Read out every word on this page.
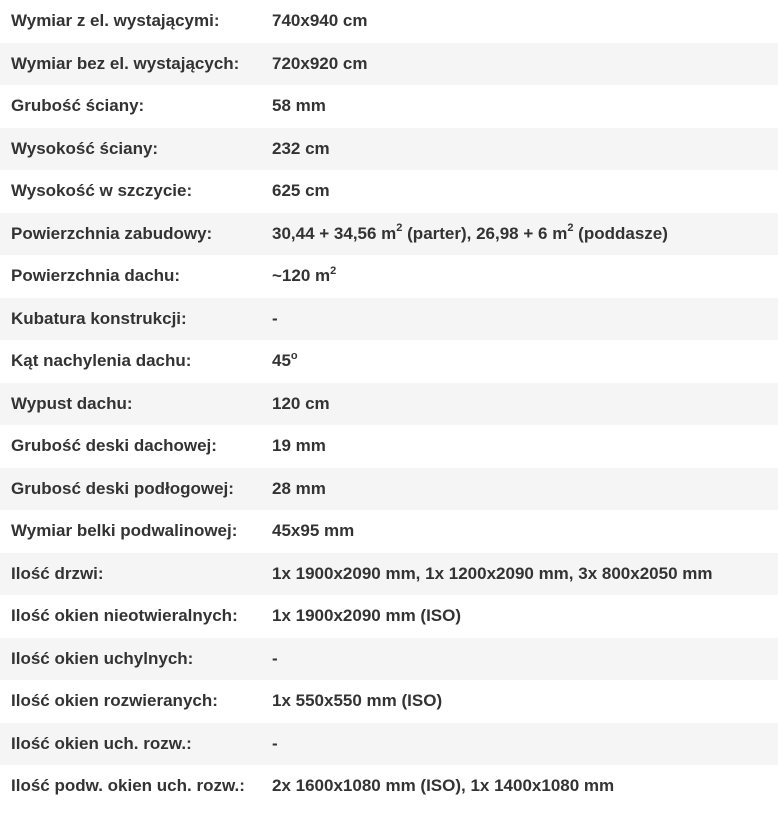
Wymiar z el. wystającymi:	740x940 cm
Wymiar bez el. wystających:	720x920 cm
Grubość ściany:	58 mm
Wysokość ściany:	232 cm
Wysokość w szczycie:	625 cm
Powierzchnia zabudowy:	30,44 + 34,56 $m^2$ (parter), 26,98 + 6 $m^2$ (poddasze)
Powierzchnia dachu:	~120 $m^2$
Kubatura konstrukcji:	-
Kąt nachylenia dachu:	45$^o$
Wypust dachu:	120 cm
Grubość deski dachowej:	19 mm
Grubosć deski podłogowej:	28 mm
Wymiar belki podwalinowej:	45x95 mm
Ilość drzwi:	1x 1900x2090 mm, 1x 1200x2090 mm, 3x 800x2050 mm
Ilość okien nieotwieralnych:	1x 1900x2090 mm (ISO)
Ilość okien uchylnych:	-
Ilość okien rozwieranych:	1x 550x550 mm (ISO)
Ilość okien uch. rozw.:	-
Ilość podw. okien uch. rozw.:	2x 1600x1080 mm (ISO), 1x 1400x1080 mm
